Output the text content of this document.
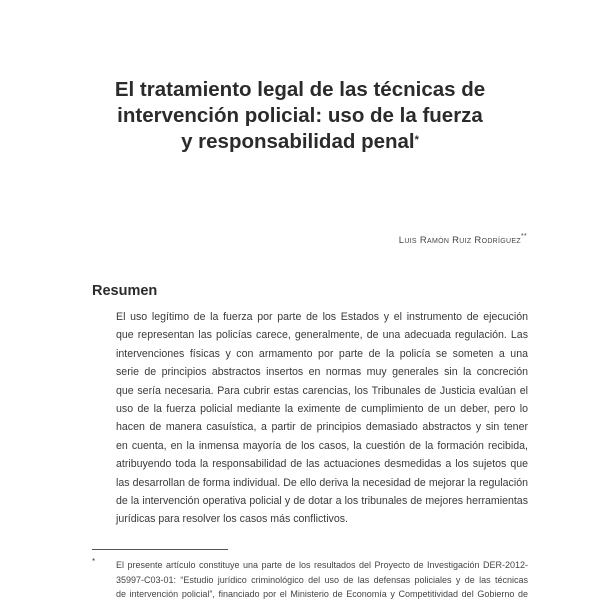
El tratamiento legal de las técnicas de
intervención policial: uso de la fuerza
y responsabilidad penal*
Luis Ramón Ruiz Rodríguez**
Resumen
El uso legítimo de la fuerza por parte de los Estados y el instrumento de ejecución
que representan las policías carece, generalmente, de una adecuada regulación. Las
intervenciones físicas y con armamento por parte de la policía se someten a una
serie de principios abstractos insertos en normas muy generales sin la concreción
que sería necesaria. Para cubrir estas carencias, los Tribunales de Justicia evalúan el
uso de la fuerza policial mediante la eximente de cumplimiento de un deber, pero lo
hacen de manera casuística, a partir de principios demasiado abstractos y sin tener
en cuenta, en la inmensa mayoría de los casos, la cuestión de la formación recibida,
atribuyendo toda la responsabilidad de las actuaciones desmedidas a los sujetos que
las desarrollan de forma individual. De ello deriva la necesidad de mejorar la regulación
de la intervención operativa policial y de dotar a los tribunales de mejores herramientas
jurídicas para resolver los casos más conflictivos.
* El presente artículo constituye una parte de los resultados del Proyecto de Investigación DER-2012-
35997-C03-01: “Estudio jurídico criminológico del uso de las defensas policiales y de las técnicas
de intervención policial”, financiado por el Ministerio de Economía y Competitividad del Gobierno de
